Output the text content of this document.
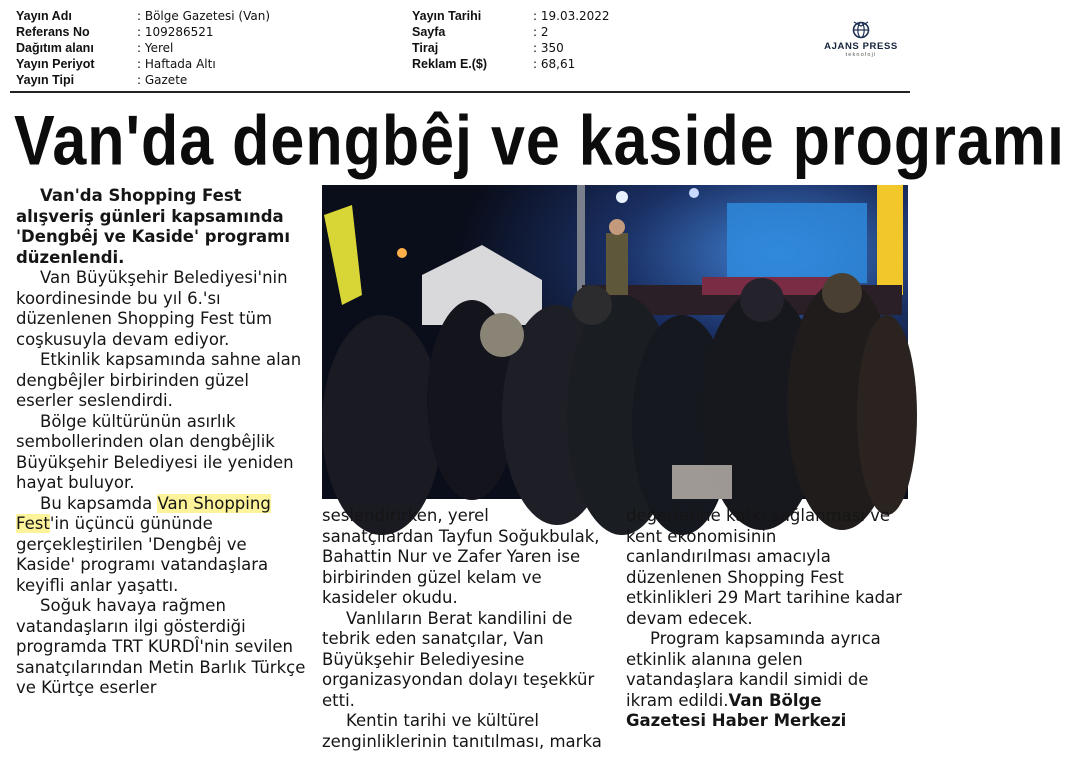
Yayın Adı	: Bölge Gazetesi (Van)
Referans No	: 109286521
Dağıtım alanı	: Yerel
Yayın Periyot	: Haftada Altı
Yayın Tipi	: Gazete
Yayın Tarihi	: 19.03.2022
Sayfa	: 2
Tiraj	: 350
Reklam E.($)	: 68,61
AJANS PRESS
teknoloji
Van'da dengbêj ve kaside programı

Van'da Shopping Fest alışveriş günleri kapsamında 'Dengbêj ve Kaside' programı düzenlendi.

Van Büyükşehir Belediyesi'nin koordinesinde bu yıl 6.'sı düzenlenen Shopping Fest tüm coşkusuyla devam ediyor.

Etkinlik kapsamında sahne alan dengbêjler birbirinden güzel eserler seslendirdi.

Bölge kültürünün asırlık sembollerinden olan dengbêjlik Büyükşehir Belediyesi ile yeniden hayat buluyor.

Bu kapsamda Van Shopping Fest'in üçüncü gününde gerçekleştirilen 'Dengbêj ve Kaside' programı vatandaşlara keyifli anlar yaşattı.

Soğuk havaya rağmen vatandaşların ilgi gösterdiği programda TRT KURDÎ'nin sevilen sanatçılarından Metin Barlık Türkçe ve Kürtçe eserler

seslendirirken, yerel sanatçılardan Tayfun Soğukbulak, Bahattin Nur ve Zafer Yaren ise birbirinden güzel kelam ve kasideler okudu.

Vanlıların Berat kandilini de tebrik eden sanatçılar, Van Büyükşehir Belediyesine organizasyondan dolayı teşekkür etti.

Kentin tarihi ve kültürel zenginliklerinin tanıtılması, marka

değerlerine katkı sağlanması ve kent ekonomisinin canlandırılması amacıyla düzenlenen Shopping Fest etkinlikleri 29 Mart tarihine kadar devam edecek.

Program kapsamında ayrıca etkinlik alanına gelen vatandaşlara kandil simidi de ikram edildi.Van Bölge Gazetesi Haber Merkezi
